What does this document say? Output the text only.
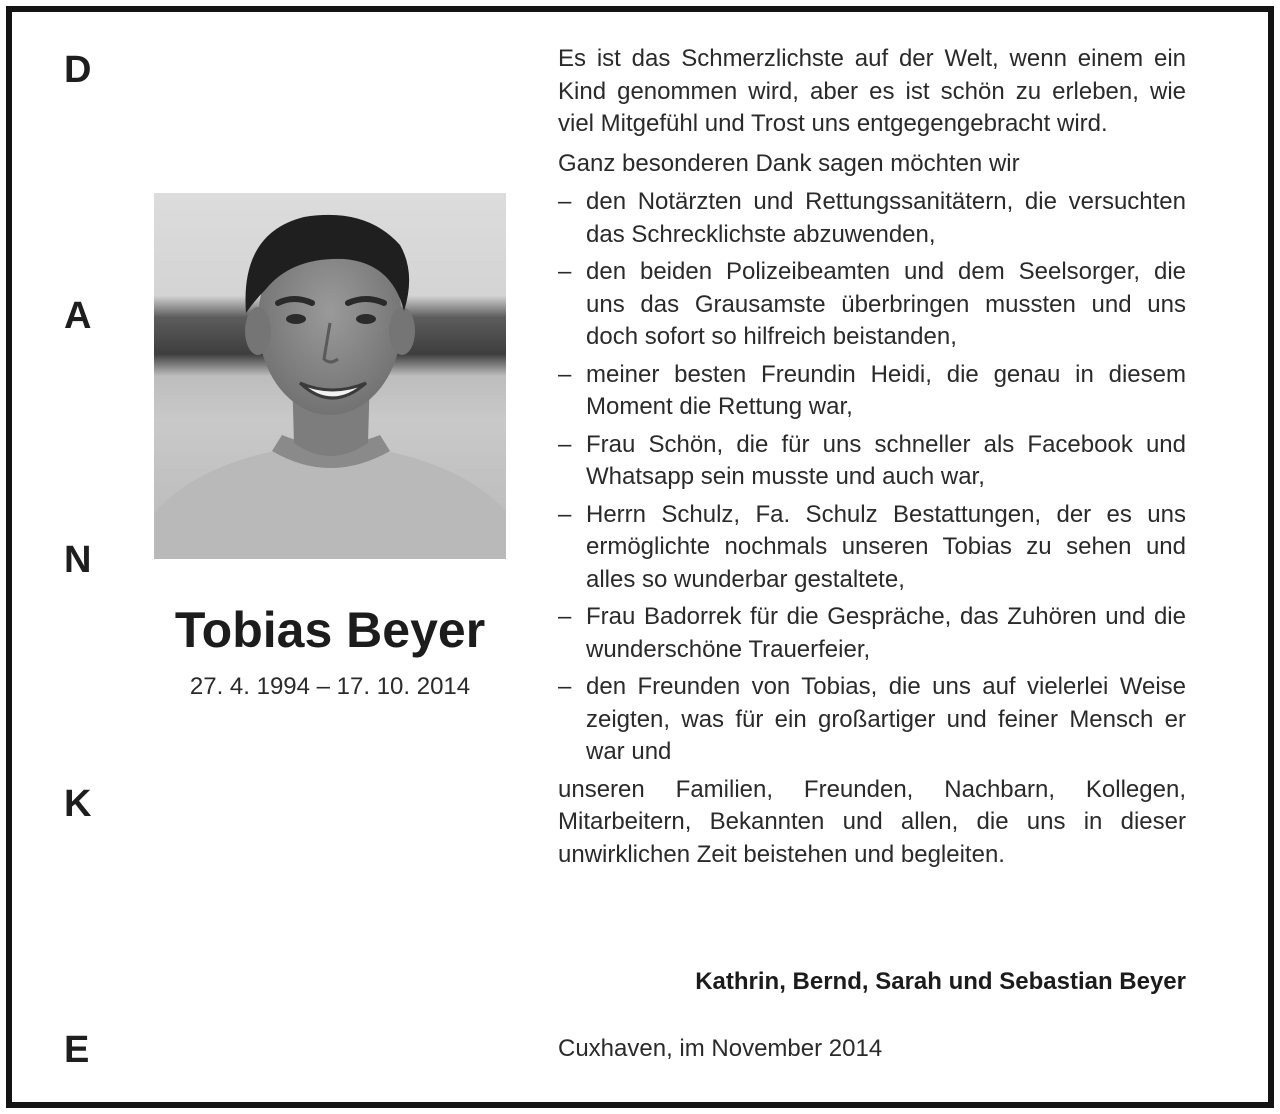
D
A
N
K
E
Tobias Beyer
27. 4. 1994 – 17. 10. 2014

Es ist das Schmerzlichste auf der Welt, wenn einem ein Kind genommen wird, aber es ist schön zu erleben, wie viel Mitgefühl und Trost uns entgegengebracht wird.

Ganz besonderen Dank sagen möchten wir

– den Notärzten und Rettungssanitätern, die versuchten das Schrecklichste abzuwenden,
– den beiden Polizeibeamten und dem Seelsorger, die uns das Grausamste überbringen mussten und uns doch sofort so hilfreich beistanden,
– meiner besten Freundin Heidi, die genau in diesem Moment die Rettung war,
– Frau Schön, die für uns schneller als Facebook und Whatsapp sein musste und auch war,
– Herrn Schulz, Fa. Schulz Bestattungen, der es uns ermöglichte nochmals unseren Tobias zu sehen und alles so wunderbar gestaltete,
– Frau Badorrek für die Gespräche, das Zuhören und die wunderschöne Trauerfeier,
– den Freunden von Tobias, die uns auf vielerlei Weise zeigten, was für ein großartiger und feiner Mensch er war und

unseren Familien, Freunden, Nachbarn, Kollegen, Mitarbeitern, Bekannten und allen, die uns in dieser unwirklichen Zeit beistehen und begleiten.

Kathrin, Bernd, Sarah und Sebastian Beyer
Cuxhaven, im November 2014
